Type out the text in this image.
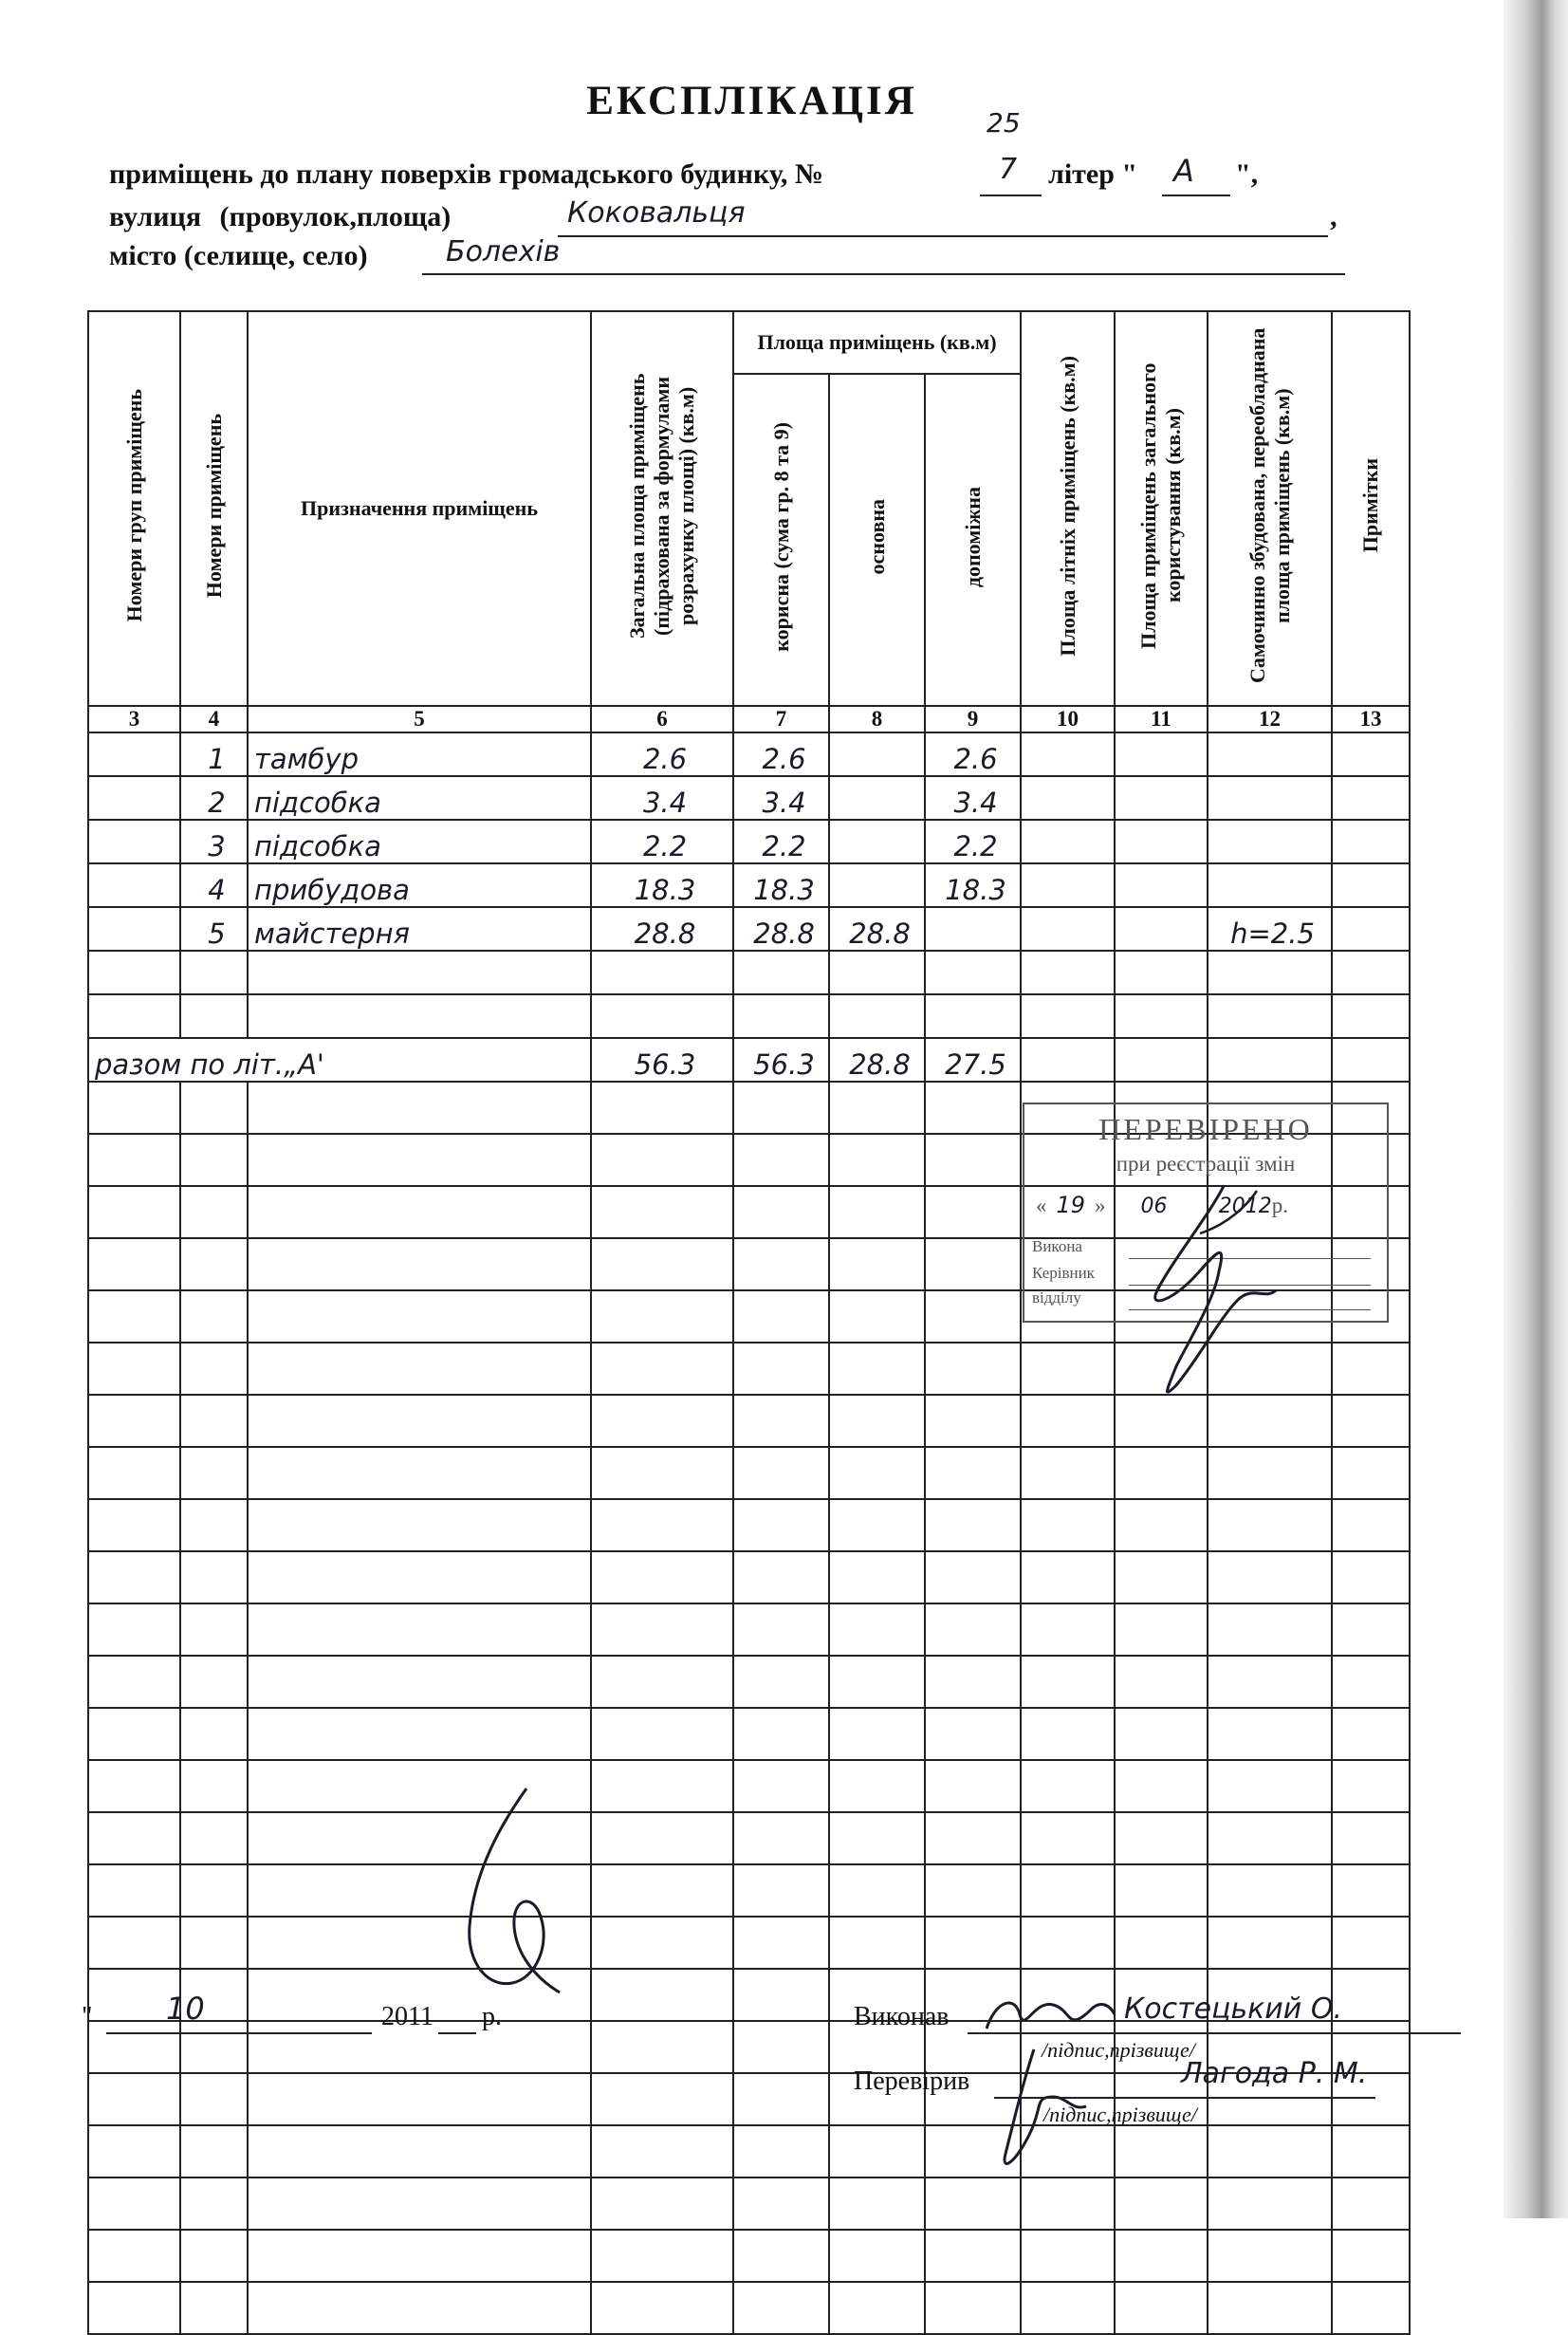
ЕКСПЛІКАЦІЯ
приміщень до плану поверхів громадського будинку, №	7
25
літер " А ",
вулиця (провулок,площа)	Коковальця	,
місто (селище, село)	Болехів
Номери груп приміщень	Номери приміщень	Призначення приміщень	Загальна площа приміщень (підрахована за формулами розрахунку площі) (кв.м)	Площа приміщень (кв.м)			Площа літніх приміщень (кв.м)	Площа приміщень загального користування (кв.м)	Самочинно збудована, переобладнана площа приміщень (кв.м)	Примітки
				корисна (сума гр. 8 та 9)	основна	допоміжна				
3	4	5	6	7	8	9	10	11	12	13
	1	тамбур	2.6	2.6		2.6				
	2	підсобка	3.4	3.4		3.4				
	3	підсобка	2.2	2.2		2.2				
	4	прибудова	18.3	18.3		18.3				
	5	майстерня	28.8	28.8	28.8				h=2.5	

разом по літ.„А'			56.3	56.3	28.8	27.5				

ПЕРЕВІРЕНО
при реєстрації змін
« 19 »    06 2012р.
Викона
Керівник
відділу
" 10	2011 р.	Виконав	Костецький О.
/підпис,прізвище/
Перевірив	Лагода Р. М.
/підпис,прізвище/
